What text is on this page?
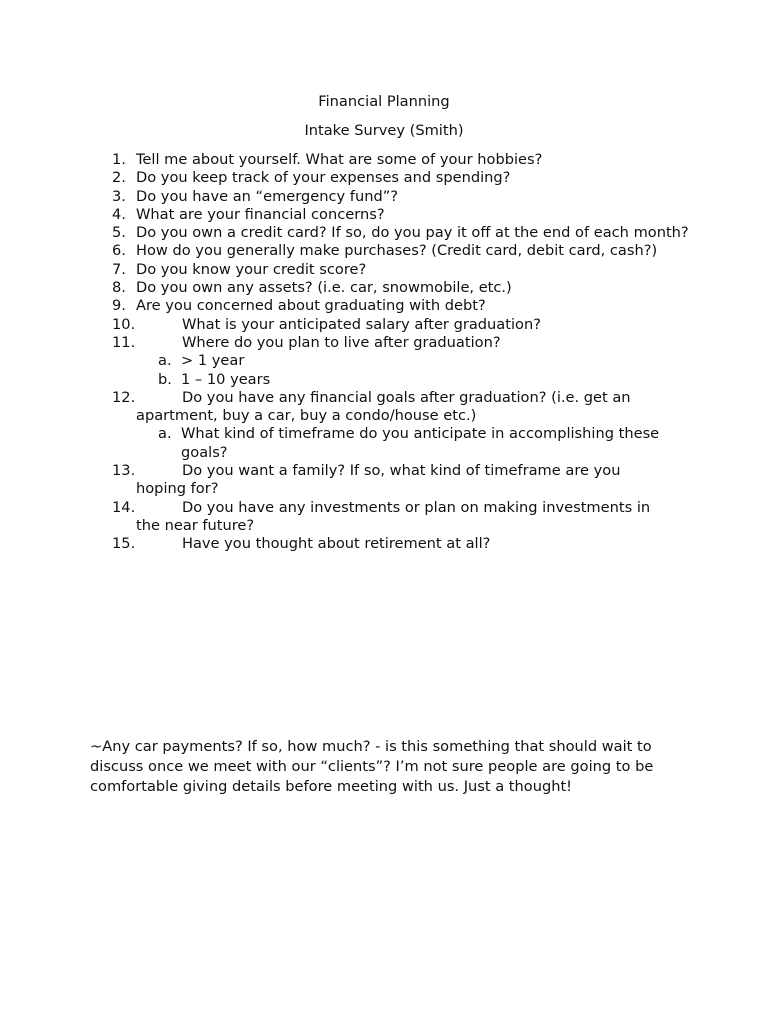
Financial Planning
Intake Survey (Smith)
1. Tell me about yourself. What are some of your hobbies?
2. Do you keep track of your expenses and spending?
3. Do you have an “emergency fund”?
4. What are your financial concerns?
5. Do you own a credit card? If so, do you pay it off at the end of each month?
6. How do you generally make purchases? (Credit card, debit card, cash?)
7. Do you know your credit score?
8. Do you own any assets? (i.e. car, snowmobile, etc.)
9. Are you concerned about graduating with debt?
10.	What is your anticipated salary after graduation?
11.	Where do you plan to live after graduation?
a. > 1 year
b. 1 – 10 years
12.	Do you have any financial goals after graduation? (i.e. get an
apartment, buy a car, buy a condo/house etc.)
a. What kind of timeframe do you anticipate in accomplishing these goals?
13.	Do you want a family? If so, what kind of timeframe are you
hoping for?
14.	Do you have any investments or plan on making investments in
the near future?
15.	Have you thought about retirement at all?
~Any car payments? If so, how much? - is this something that should wait to discuss once we meet with our “clients”? I’m not sure people are going to be comfortable giving details before meeting with us. Just a thought!
